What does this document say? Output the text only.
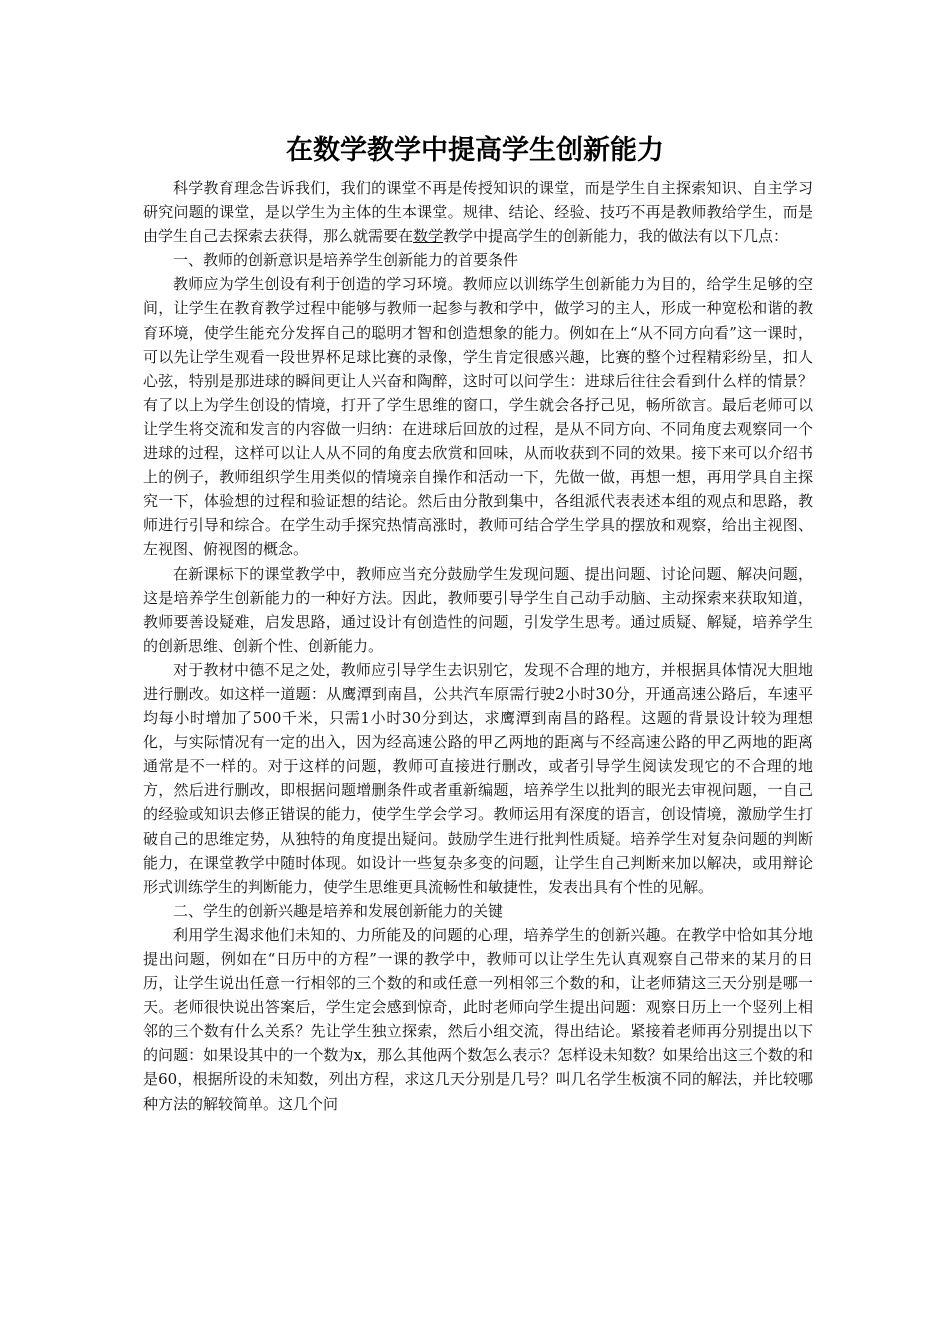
在数学教学中提高学生创新能力

科学教育理念告诉我们，我们的课堂不再是传授知识的课堂，而是学生自主探索知识、自主学习研究问题的课堂，是以学生为主体的生本课堂。规律、结论、经验、技巧不再是教师教给学生，而是由学生自己去探索去获得，那么就需要在数学教学中提高学生的创新能力，我的做法有以下几点：

一、教师的创新意识是培养学生创新能力的首要条件

教师应为学生创设有利于创造的学习环境。教师应以训练学生创新能力为目的，给学生足够的空间，让学生在教育教学过程中能够与教师一起参与教和学中，做学习的主人，形成一种宽松和谐的教育环境，使学生能充分发挥自己的聪明才智和创造想象的能力。例如在上“从不同方向看”这一课时，可以先让学生观看一段世界杯足球比赛的录像，学生肯定很感兴趣，比赛的整个过程精彩纷呈，扣人心弦，特别是那进球的瞬间更让人兴奋和陶醉，这时可以问学生：进球后往往会看到什么样的情景？有了以上为学生创设的情境，打开了学生思维的窗口，学生就会各抒己见，畅所欲言。最后老师可以让学生将交流和发言的内容做一归纳：在进球后回放的过程，是从不同方向、不同角度去观察同一个进球的过程，这样可以让人从不同的角度去欣赏和回味，从而收获到不同的效果。接下来可以介绍书上的例子，教师组织学生用类似的情境亲自操作和活动一下，先做一做，再想一想，再用学具自主探究一下，体验想的过程和验证想的结论。然后由分散到集中，各组派代表表述本组的观点和思路，教师进行引导和综合。在学生动手探究热情高涨时，教师可结合学生学具的摆放和观察，给出主视图、左视图、俯视图的概念。

在新课标下的课堂教学中，教师应当充分鼓励学生发现问题、提出问题、讨论问题、解决问题，这是培养学生创新能力的一种好方法。因此，教师要引导学生自己动手动脑、主动探索来获取知道，教师要善设疑难，启发思路，通过设计有创造性的问题，引发学生思考。通过质疑、解疑，培养学生的创新思维、创新个性、创新能力。

对于教材中德不足之处，教师应引导学生去识别它，发现不合理的地方，并根据具体情况大胆地进行删改。如这样一道题：从鹰潭到南昌，公共汽车原需行驶2小时30分，开通高速公路后，车速平均每小时增加了500千米，只需1小时30分到达，求鹰潭到南昌的路程。这题的背景设计较为理想化，与实际情况有一定的出入，因为经高速公路的甲乙两地的距离与不经高速公路的甲乙两地的距离通常是不一样的。对于这样的问题，教师可直接进行删改，或者引导学生阅读发现它的不合理的地方，然后进行删改，即根据问题增删条件或者重新编题，培养学生以批判的眼光去审视问题，一自己的经验或知识去修正错误的能力，使学生学会学习。教师运用有深度的语言，创设情境，激励学生打破自己的思维定势，从独特的角度提出疑问。鼓励学生进行批判性质疑。培养学生对复杂问题的判断能力，在课堂教学中随时体现。如设计一些复杂多变的问题，让学生自己判断来加以解决，或用辩论形式训练学生的判断能力，使学生思维更具流畅性和敏捷性，发表出具有个性的见解。

二、学生的创新兴趣是培养和发展创新能力的关键

利用学生渴求他们未知的、力所能及的问题的心理，培养学生的创新兴趣。在教学中恰如其分地提出问题，例如在“日历中的方程”一课的教学中，教师可以让学生先认真观察自己带来的某月的日历，让学生说出任意一行相邻的三个数的和或任意一列相邻三个数的和，让老师猜这三天分别是哪一天。老师很快说出答案后，学生定会感到惊奇，此时老师向学生提出问题：观察日历上一个竖列上相邻的三个数有什么关系？先让学生独立探索，然后小组交流，得出结论。紧接着老师再分别提出以下的问题：如果设其中的一个数为x，那么其他两个数怎么表示？怎样设未知数？如果给出这三个数的和是60，根据所设的未知数，列出方程，求这几天分别是几号？叫几名学生板演不同的解法，并比较哪种方法的解较简单。这几个问
